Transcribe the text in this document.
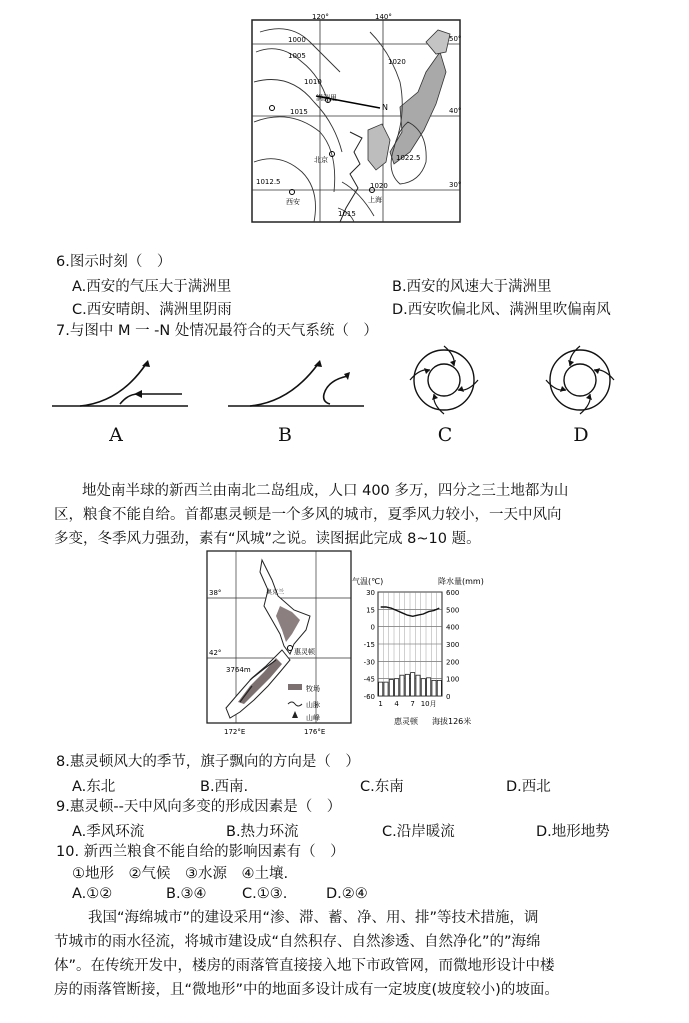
120°	140°
50°
40°
30°
1000
1005
1010
1015
1020
1022.5
1012.5	1020
1015
满洲里
北京
西安	上海
N
6.图示时刻（　）
A.西安的气压大于满洲里	B.西安的风速大于满洲里
C.西安晴朗、满洲里阴雨	D.西安吹偏北风、满洲里吹偏南风
7.与图中 M 一 -N 处情况最符合的天气系统（　）
A	B	C	D
地处南半球的新西兰由南北二岛组成，人口 400 多万，四分之三土地都为山
区，粮食不能自给。首都惠灵顿是一个多风的城市，夏季风力较小，一天中风向
多变，冬季风力强劲，素有“风城”之说。读图据此完成 8~10 题。
38°
42°
奥克兰
惠灵顿
3764m
牧场
山脉
山峰
172°E	176°E
气温(℃)	降水量(mm)
30	600
15	500
0	400
-15	300
-30	200
-45	100
-60	0
1 4 7 10月
惠灵顿 海拔126米
8.惠灵顿风大的季节，旗子飘向的方向是（　）
A.东北	B.西南.	C.东南	D.西北
9.惠灵顿--天中风向多变的形成因素是（　）
A.季风环流	B.热力环流	C.沿岸暖流	D.地形地势
10. 新西兰粮食不能自给的影响因素有（　）
①地形　②气候　③水源　④土壤.
A.①②	B.③④ C.①③.	D.②④
我国“海绵城市”的建设采用“渗、滞、蓄、净、用、排”等技术措施，调
节城市的雨水径流，将城市建设成“自然积存、自然渗透、自然净化”的”海绵
体”。在传统开发中，楼房的雨落管直接接入地下市政管网，而微地形设计中楼
房的雨落管断接，且“微地形”中的地面多设计成有一定坡度(坡度较小)的坡面。
